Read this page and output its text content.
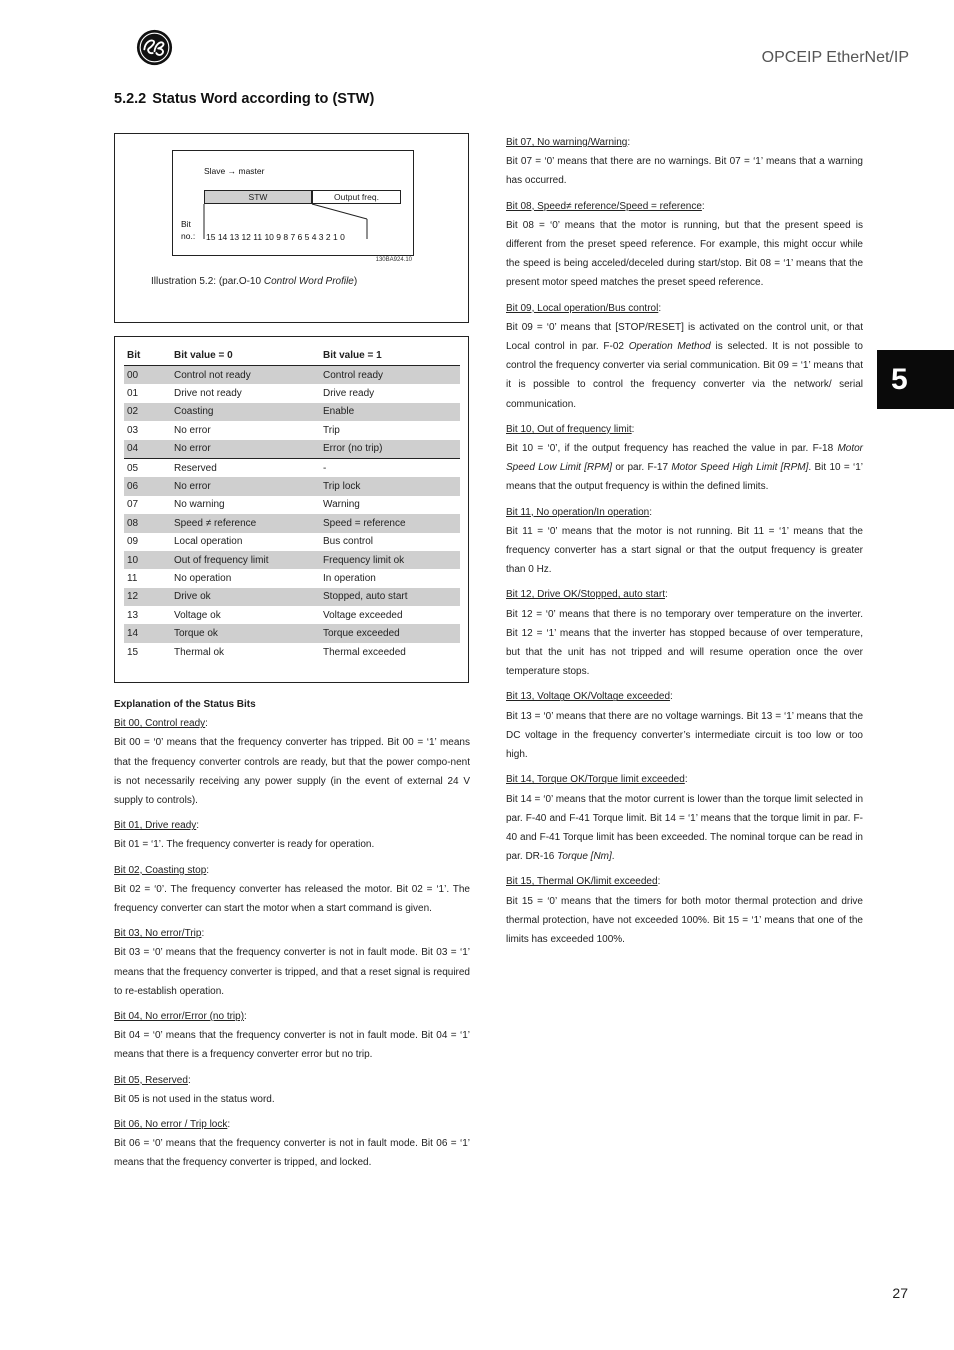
OPCEIP EtherNet/IP
5.2.2 Status Word according to (STW)
5
Slave → master
STW	Output freq.
Bit
no.: 15 14 13 12 11 10 9 8 7 6 5 4 3 2 1 0
130BA924.10
Illustration 5.2: (par.O-10 Control Word Profile)
Bit	Bit value = 0	Bit value = 1
00	Control not ready	Control ready
01	Drive not ready	Drive ready
02	Coasting	Enable
03	No error	Trip
04	No error	Error (no trip)
05	Reserved	-
06	No error	Trip lock
07	No warning	Warning
08	Speed ≠ reference	Speed = reference
09	Local operation	Bus control
10	Out of frequency limit	Frequency limit ok
11	No operation	In operation
12	Drive ok	Stopped, auto start
13	Voltage ok	Voltage exceeded
14	Torque ok	Torque exceeded
15	Thermal ok	Thermal exceeded

Explanation of the Status Bits

Bit 00, Control ready:

Bit 00 = ‘0’ means that the frequency converter has tripped. Bit 00 = ‘1’ means that the frequency converter controls are ready, but that the power compo-nent is not necessarily receiving any power supply (in the event of external 24 V supply to controls).

Bit 01, Drive ready:

Bit 01 = ‘1’. The frequency converter is ready for operation.

Bit 02, Coasting stop:

Bit 02 = ‘0’. The frequency converter has released the motor. Bit 02 = ‘1’. The frequency converter can start the motor when a start command is given.

Bit 03, No error/Trip:

Bit 03 = ‘0’ means that the frequency converter is not in fault mode. Bit 03 = ‘1’ means that the frequency converter is tripped, and that a reset signal is required to re-establish operation.

Bit 04, No error/Error (no trip):

Bit 04 = ‘0’ means that the frequency converter is not in fault mode. Bit 04 = ‘1’ means that there is a frequency converter error but no trip.

Bit 05, Reserved:

Bit 05 is not used in the status word.

Bit 06, No error / Trip lock:

Bit 06 = ‘0’ means that the frequency converter is not in fault mode. Bit 06 = ‘1’ means that the frequency converter is tripped, and locked.

Bit 07, No warning/Warning:

Bit 07 = ‘0’ means that there are no warnings. Bit 07 = ‘1’ means that a warning has occurred.

Bit 08, Speed≠ reference/Speed = reference:

Bit 08 = ‘0’ means that the motor is running, but that the present speed is different from the preset speed reference. For example, this might occur while the speed is being acceled/deceled during start/stop. Bit 08 = ‘1’ means that the present motor speed matches the preset speed reference.

Bit 09, Local operation/Bus control:

Bit 09 = ‘0’ means that [STOP/RESET] is activated on the control unit, or that Local control in par. F-02 Operation Method is selected. It is not possible to control the frequency converter via serial communication. Bit 09 = ‘1’ means that it is possible to control the frequency converter via the network/ serial communication.

Bit 10, Out of frequency limit:

Bit 10 = ‘0’, if the output frequency has reached the value in par. F-18 Motor Speed Low Limit [RPM] or par. F-17 Motor Speed High Limit [RPM]. Bit 10 = ‘1’ means that the output frequency is within the defined limits.

Bit 11, No operation/In operation:

Bit 11 = ‘0’ means that the motor is not running. Bit 11 = ‘1’ means that the frequency converter has a start signal or that the output frequency is greater than 0 Hz.

Bit 12, Drive OK/Stopped, auto start:

Bit 12 = ‘0’ means that there is no temporary over temperature on the inverter. Bit 12 = ‘1’ means that the inverter has stopped because of over temperature, but that the unit has not tripped and will resume operation once the over temperature stops.

Bit 13, Voltage OK/Voltage exceeded:

Bit 13 = ‘0’ means that there are no voltage warnings. Bit 13 = ‘1’ means that the DC voltage in the frequency converter’s intermediate circuit is too low or too high.

Bit 14, Torque OK/Torque limit exceeded:

Bit 14 = ‘0’ means that the motor current is lower than the torque limit selected in par. F-40 and F-41 Torque limit. Bit 14 = ‘1’ means that the torque limit in par. F-40 and F-41 Torque limit has been exceeded. The nominal torque can be read in par. DR-16 Torque [Nm].

Bit 15, Thermal OK/limit exceeded:

Bit 15 = ‘0’ means that the timers for both motor thermal protection and drive thermal protection, have not exceeded 100%. Bit 15 = ‘1’ means that one of the limits has exceeded 100%.

27
